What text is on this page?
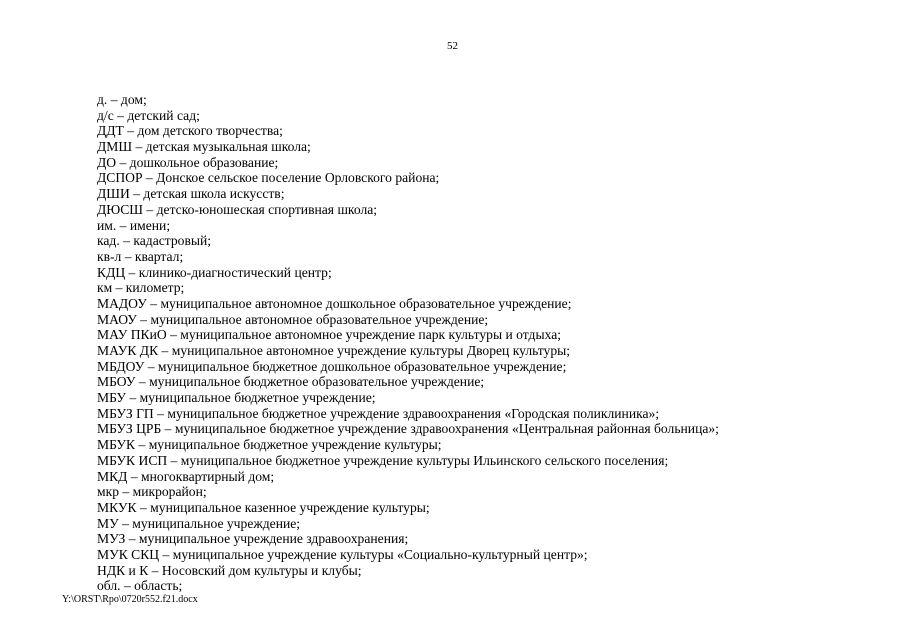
52
д. – дом;
д/с – детский сад;
ДДТ – дом детского творчества;
ДМШ – детская музыкальная школа;
ДО – дошкольное образование;
ДСПОР – Донское сельское поселение Орловского района;
ДШИ – детская школа искусств;
ДЮСШ – детско-юношеская спортивная школа;
им. – имени;
кад. – кадастровый;
кв-л – квартал;
КДЦ – клинико-диагностический центр;
км – километр;
МАДОУ – муниципальное автономное дошкольное образовательное учреждение;
МАОУ – муниципальное автономное образовательное учреждение;
МАУ ПКиО – муниципальное автономное учреждение парк культуры и отдыха;
МАУК ДК – муниципальное автономное учреждение культуры Дворец культуры;
МБДОУ – муниципальное бюджетное дошкольное образовательное учреждение;
МБОУ – муниципальное бюджетное образовательное учреждение;
МБУ – муниципальное бюджетное учреждение;
МБУЗ ГП – муниципальное бюджетное учреждение здравоохранения «Городская поликлиника»;
МБУЗ ЦРБ – муниципальное бюджетное учреждение здравоохранения «Центральная районная больница»;
МБУК – муниципальное бюджетное учреждение культуры;
МБУК ИСП – муниципальное бюджетное учреждение культуры Ильинского сельского поселения;
МКД – многоквартирный дом;
мкр – микрорайон;
МКУК – муниципальное казенное учреждение культуры;
МУ – муниципальное учреждение;
МУЗ – муниципальное учреждение здравоохранения;
МУК СКЦ – муниципальное учреждение культуры «Социально-культурный центр»;
НДК и К – Носовский дом культуры и клубы;
обл. – область;
Y:\ORST\Rpo\0720r552.f21.docx
